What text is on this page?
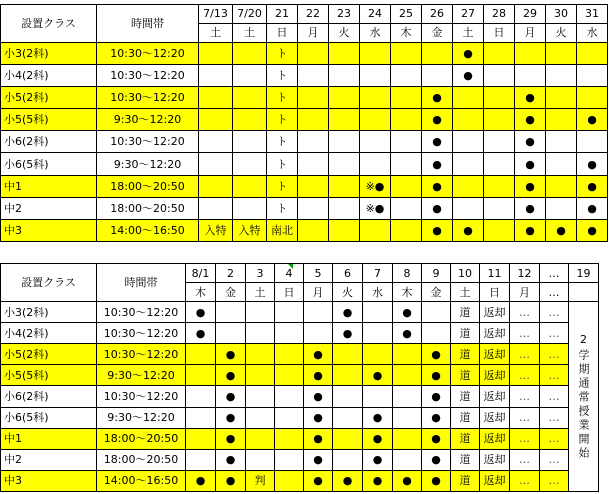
設置クラス	時間帯	7/13	7/20	21	22	23	24	25	26	27	28	29	30	31
		土	土	日	月	火	水	木	金	土	日	月	火	水
小3(2科)	10:30～12:20			ト						●				
小4(2科)	10:30～12:20			ト						●				
小5(2科)	10:30～12:20			ト					●			●		
小5(5科)	9:30～12:20			ト					●			●		●
小6(2科)	10:30～12:20			ト					●			●		
小6(5科)	9:30～12:20			ト					●			●		●
中1	18:00～20:50			ト			※●		●			●		●
中2	18:00～20:50			ト			※●		●			●		●
中3	14:00～16:50	入特	入特	南北					●	●		●	●	●
設置クラス	時間帯	8/1	2	3	4	5	6	7	8	9	10	11	12	…	19
		木	金	土	日	月	火	水	木	金	土	日	月	…	
小3(2科)	10:30～12:20	●					●		●		道	返却	…	…	2学期通常授業開始

小4(2科)	10:30～12:20	●					●		●		道	返却	…	…	
小5(2科)	10:30～12:20		●			●				●	道	返却	…	…	
小5(5科)	9:30～12:20		●			●		●		●	道	返却	…	…	
小6(2科)	10:30～12:20		●			●				●	道	返却	…	…	
小6(5科)	9:30～12:20		●			●		●		●	道	返却	…	…	
中1	18:00～20:50		●			●		●		●	道	返却	…	…	
中2	18:00～20:50		●			●		●		●	道	返却	…	…	
中3	14:00～16:50	●	●	判		●	●	●	●	●	道	返却	…	…	
